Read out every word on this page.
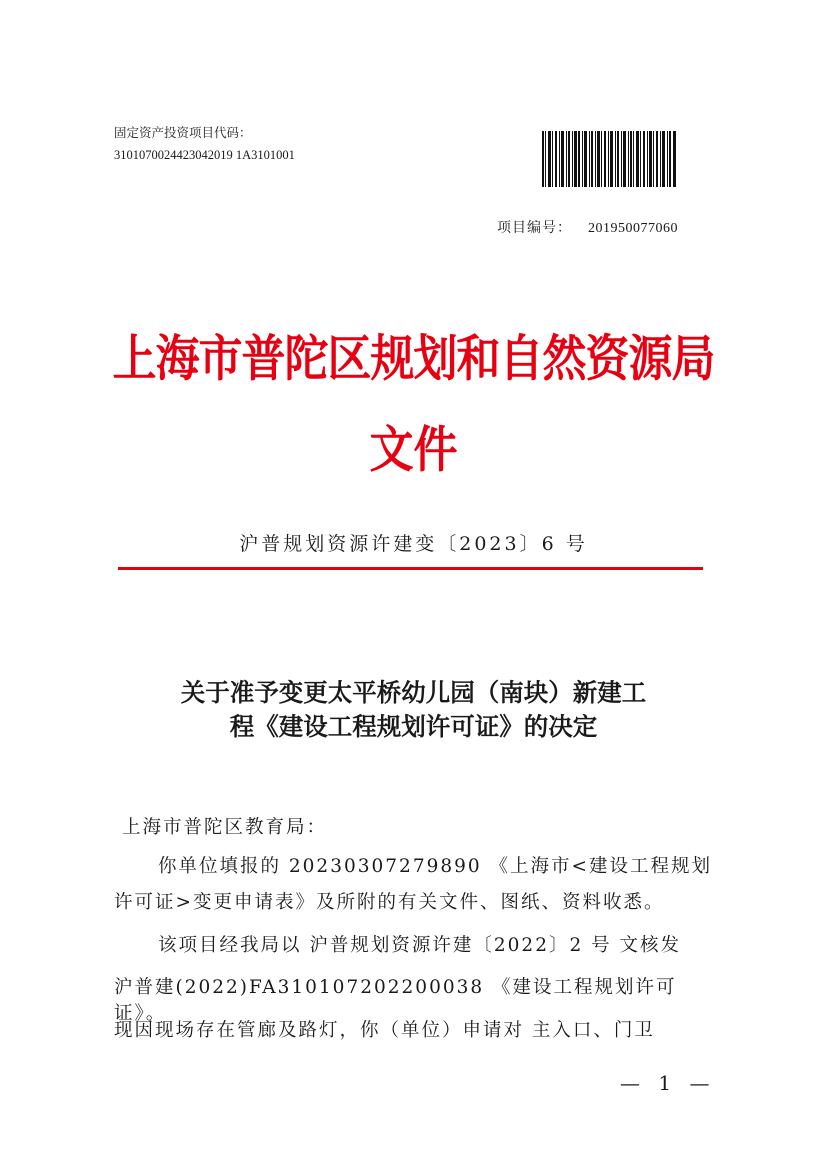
固定资产投资项目代码：
3101070024423042019 1A3101001
项目编号： 201950077060
上海市普陀区规划和自然资源局
文件
沪普规划资源许建变〔2023〕6 号
关于准予变更太平桥幼儿园（南块）新建工
程《建设工程规划许可证》的决定
上海市普陀区教育局：
你单位填报的 20230307279890 《上海市<建设工程规划
许可证>变更申请表》及所附的有关文件、图纸、资料收悉。
该项目经我局以 沪普规划资源许建〔2022〕2 号 文核发
沪普建(2022)FA310107202200038 《建设工程规划许可证》。
现因现场存在管廊及路灯，你（单位）申请对 主入口、门卫
— 1 —
